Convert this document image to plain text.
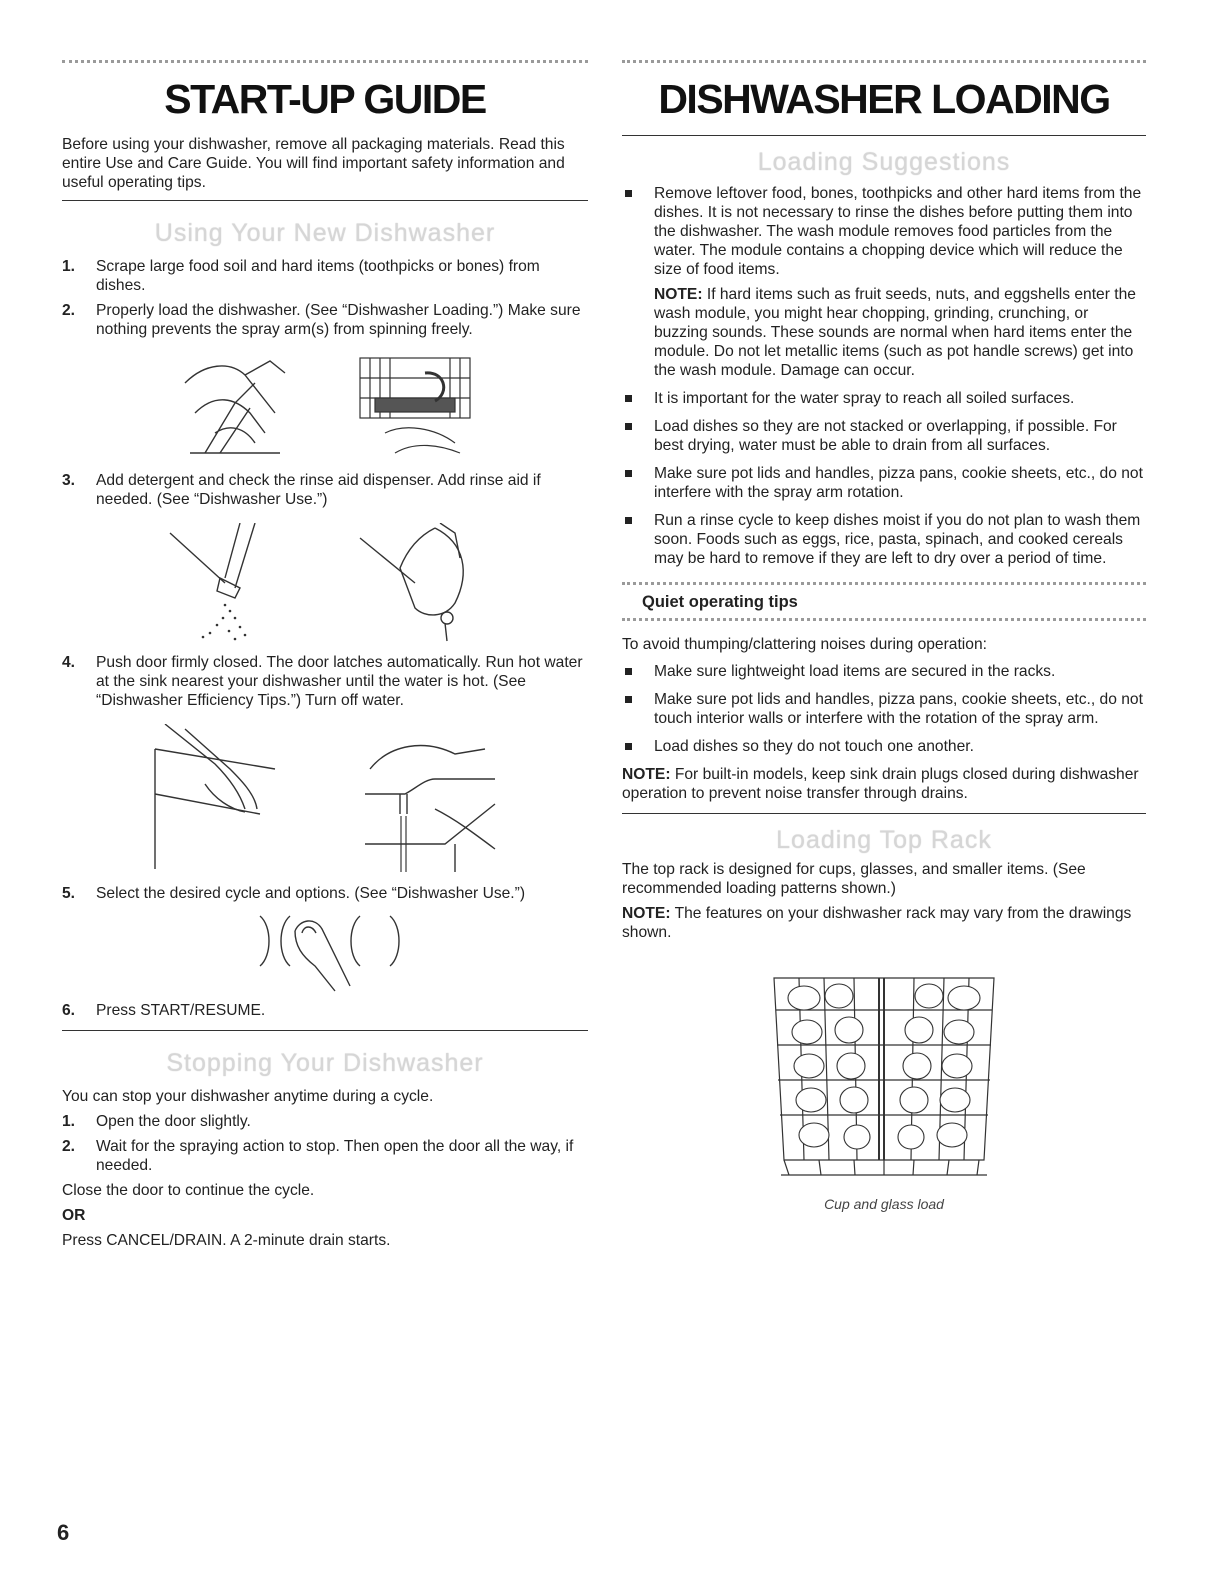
START-UP GUIDE

Before using your dishwasher, remove all packaging materials. Read this entire Use and Care Guide. You will find important safety information and useful operating tips.

Using Your New Dishwasher
1. Scrape large food soil and hard items (toothpicks or bones) from dishes.
2. Properly load the dishwasher. (See “Dishwasher Loading.”) Make sure nothing prevents the spray arm(s) from spinning freely.
3. Add detergent and check the rinse aid dispenser. Add rinse aid if needed. (See “Dishwasher Use.”)
4. Push door firmly closed. The door latches automatically. Run hot water at the sink nearest your dishwasher until the water is hot. (See “Dishwasher Efficiency Tips.”) Turn off water.
5. Select the desired cycle and options. (See “Dishwasher Use.”)
6. Press START/RESUME.
Stopping Your Dishwasher

You can stop your dishwasher anytime during a cycle.

1. Open the door slightly.
2. Wait for the spraying action to stop. Then open the door all the way, if needed.

Close the door to continue the cycle.

OR

Press CANCEL/DRAIN. A 2-minute drain starts.

DISHWASHER LOADING
Loading Suggestions
Remove leftover food, bones, toothpicks and other hard items from the dishes. It is not necessary to rinse the dishes before putting them into the dishwasher. The wash module removes food particles from the water. The module contains a chopping device which will reduce the size of food items.

NOTE: If hard items such as fruit seeds, nuts, and eggshells enter the wash module, you might hear chopping, grinding, crunching, or buzzing sounds. These sounds are normal when hard items enter the module. Do not let metallic items (such as pot handle screws) get into the wash module. Damage can occur.

It is important for the water spray to reach all soiled surfaces.
Load dishes so they are not stacked or overlapping, if possible. For best drying, water must be able to drain from all surfaces.
Make sure pot lids and handles, pizza pans, cookie sheets, etc., do not interfere with the spray arm rotation.
Run a rinse cycle to keep dishes moist if you do not plan to wash them soon. Foods such as eggs, rice, pasta, spinach, and cooked cereals may be hard to remove if they are left to dry over a period of time.
Quiet operating tips

To avoid thumping/clattering noises during operation:

Make sure lightweight load items are secured in the racks.
Make sure pot lids and handles, pizza pans, cookie sheets, etc., do not touch interior walls or interfere with the rotation of the spray arm.
Load dishes so they do not touch one another.

NOTE: For built-in models, keep sink drain plugs closed during dishwasher operation to prevent noise transfer through drains.

Loading Top Rack

The top rack is designed for cups, glasses, and smaller items. (See recommended loading patterns shown.)

NOTE: The features on your dishwasher rack may vary from the drawings shown.

Cup and glass load
6
